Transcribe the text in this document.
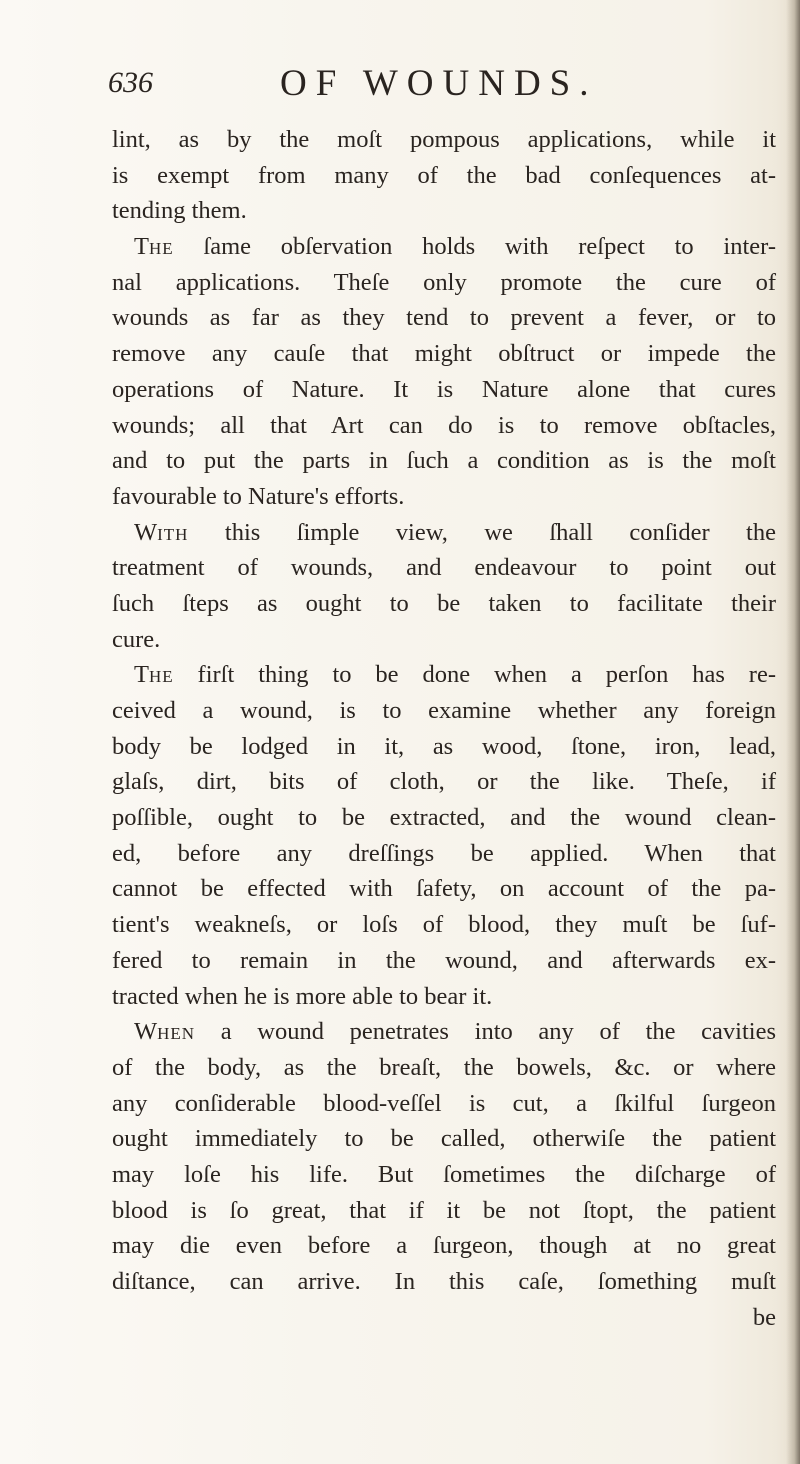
636	OF WOUNDS.
lint, as by the moſt pompous applications, while it
is exempt from many of the bad conſequences at-
tending them.
THE ſame obſervation holds with reſpect to inter-
nal applications. Theſe only promote the cure of
wounds as far as they tend to prevent a fever, or to
remove any cauſe that might obſtruct or impede the
operations of Nature. It is Nature alone that cures
wounds; all that Art can do is to remove obſtacles,
and to put the parts in ſuch a condition as is the moſt
favourable to Nature's efforts.
WITH this ſimple view, we ſhall conſider the
treatment of wounds, and endeavour to point out
ſuch ſteps as ought to be taken to facilitate their
cure.
THE firſt thing to be done when a perſon has re-
ceived a wound, is to examine whether any foreign
body be lodged in it, as wood, ſtone, iron, lead,
glaſs, dirt, bits of cloth, or the like. Theſe, if
poſſible, ought to be extracted, and the wound clean-
ed, before any dreſſings be applied. When that
cannot be effected with ſafety, on account of the pa-
tient's weakneſs, or loſs of blood, they muſt be ſuf-
fered to remain in the wound, and afterwards ex-
tracted when he is more able to bear it.
WHEN a wound penetrates into any of the cavities
of the body, as the breaſt, the bowels, &c. or where
any conſiderable blood-veſſel is cut, a ſkilful ſurgeon
ought immediately to be called, otherwiſe the patient
may loſe his life. But ſometimes the diſcharge of
blood is ſo great, that if it be not ſtopt, the patient
may die even before a ſurgeon, though at no great
diſtance, can arrive. In this caſe, ſomething muſt
be
